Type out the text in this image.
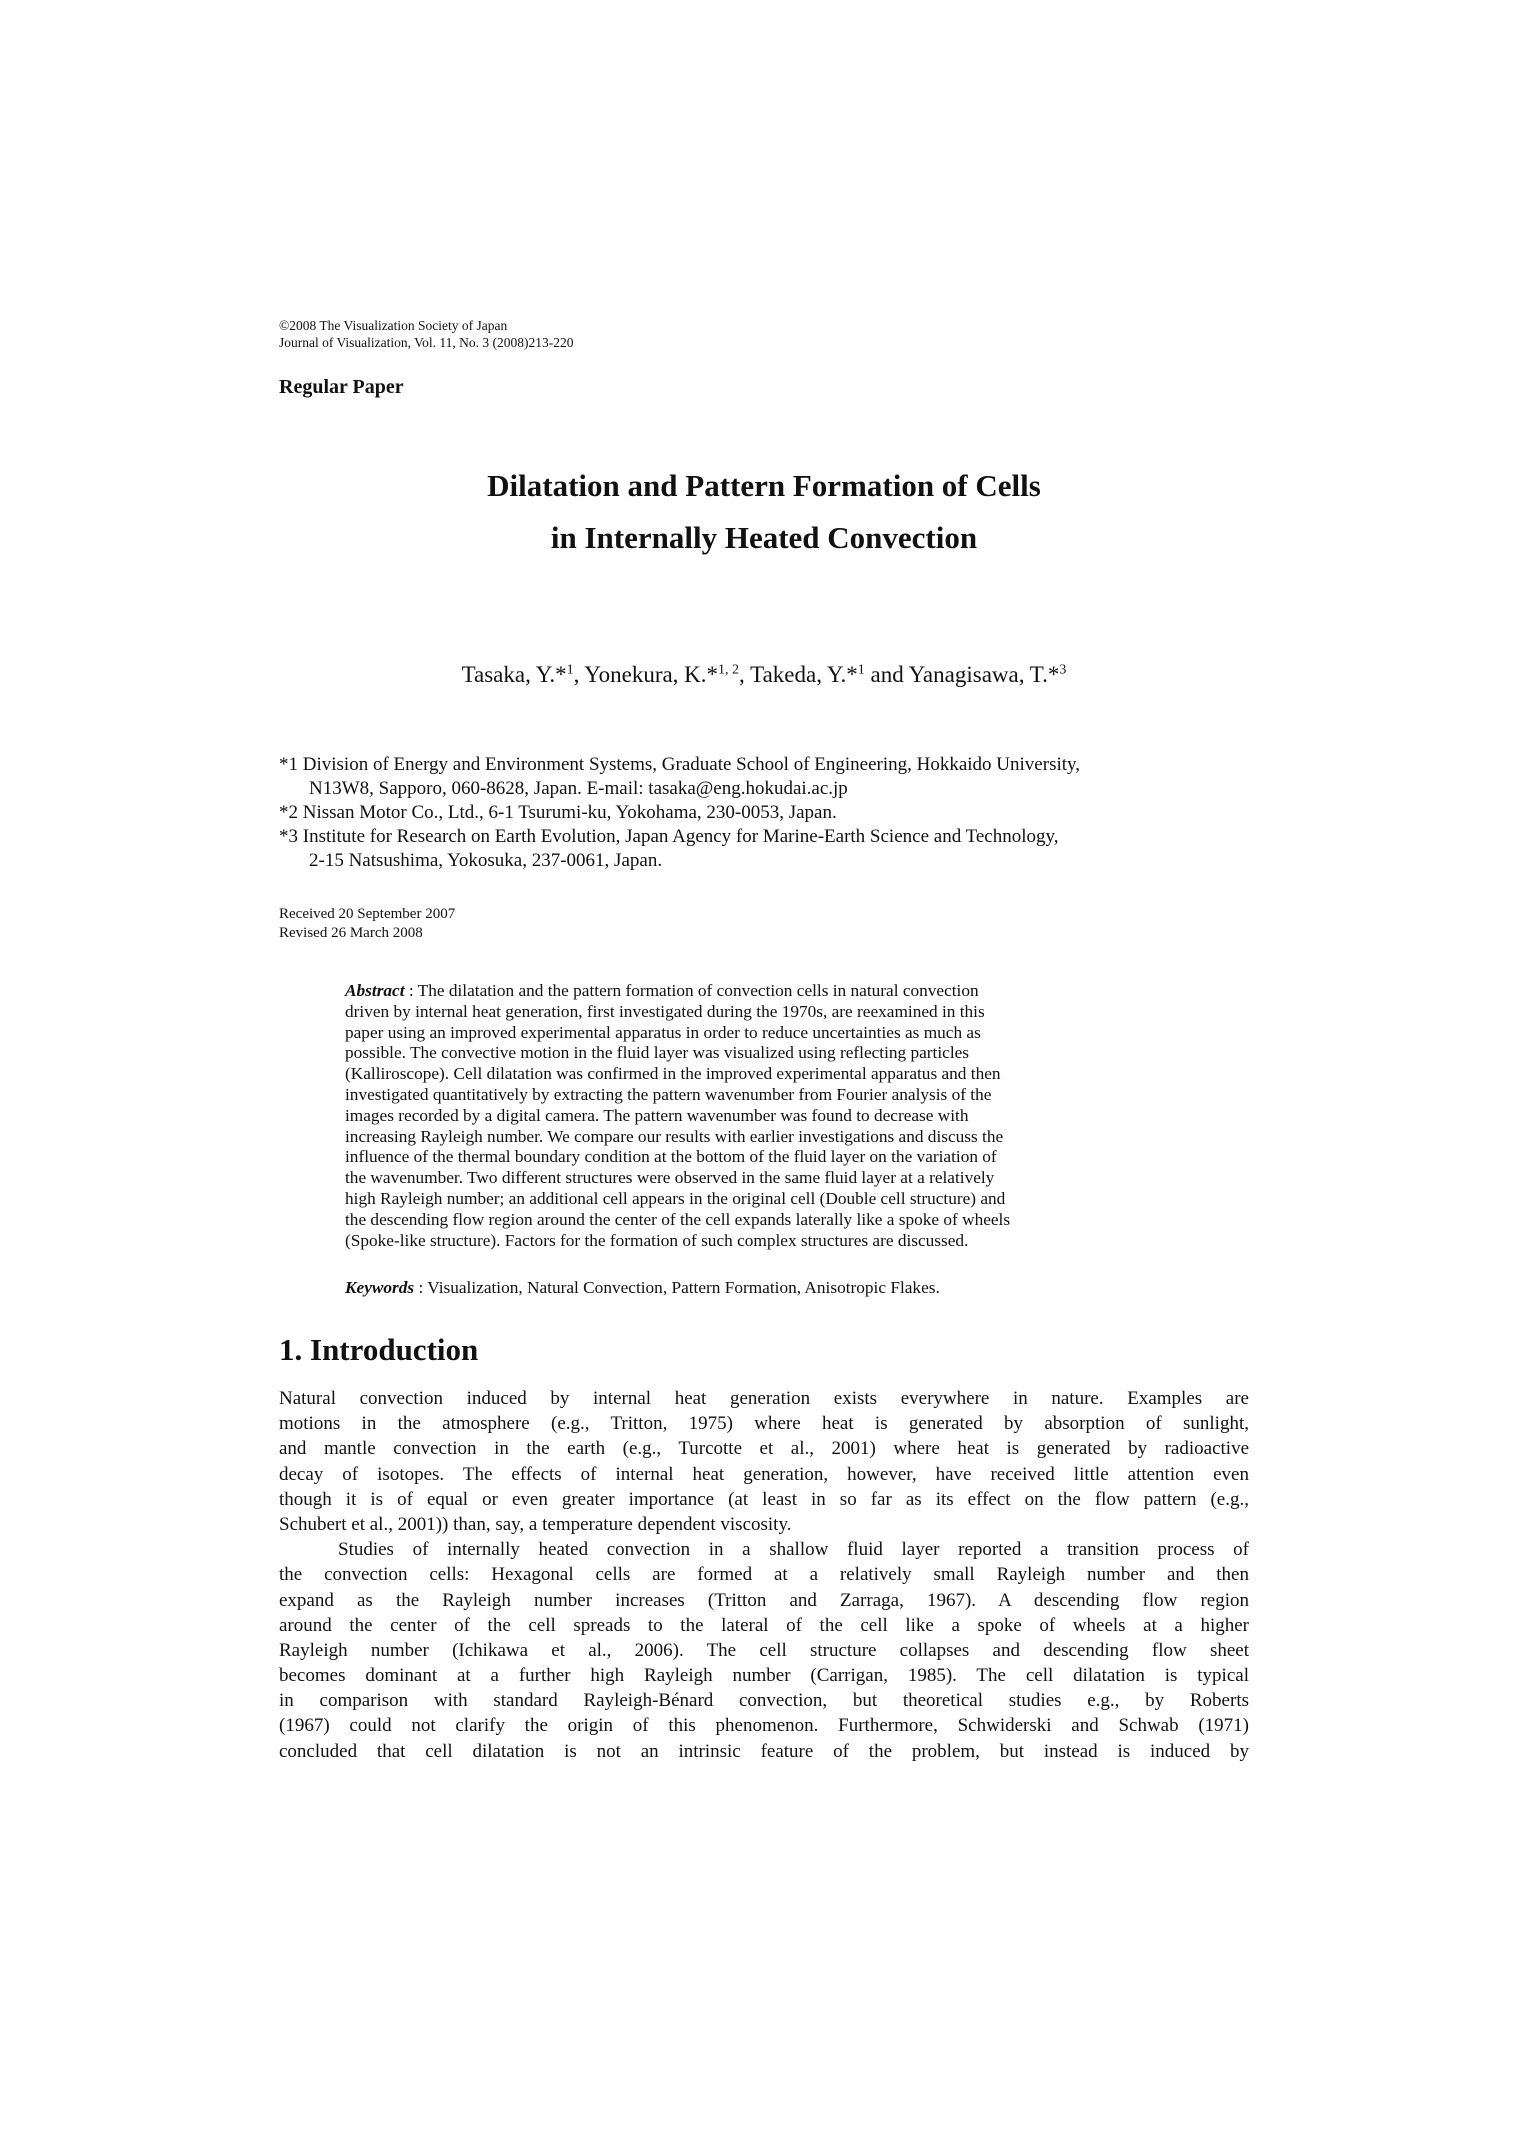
©2008 The Visualization Society of Japan
Journal of Visualization, Vol. 11, No. 3 (2008)213-220
Regular Paper
Dilatation and Pattern Formation of Cells
in Internally Heated Convection
Tasaka, Y.*$^1$, Yonekura, K.*$^{1, 2}$, Takeda, Y.*$^1$ and Yanagisawa, T.*$^3$
*1 Division of Energy and Environment Systems, Graduate School of Engineering, Hokkaido University,
N13W8, Sapporo, 060-8628, Japan. E-mail: tasaka@eng.hokudai.ac.jp
*2 Nissan Motor Co., Ltd., 6-1 Tsurumi-ku, Yokohama, 230-0053, Japan.
*3 Institute for Research on Earth Evolution, Japan Agency for Marine-Earth Science and Technology,
2-15 Natsushima, Yokosuka, 237-0061, Japan.
Received 20 September 2007
Revised 26 March 2008
Abstract : The dilatation and the pattern formation of convection cells in natural convection
driven by internal heat generation, first investigated during the 1970s, are reexamined in this
paper using an improved experimental apparatus in order to reduce uncertainties as much as
possible. The convective motion in the fluid layer was visualized using reflecting particles
(Kalliroscope). Cell dilatation was confirmed in the improved experimental apparatus and then
investigated quantitatively by extracting the pattern wavenumber from Fourier analysis of the
images recorded by a digital camera. The pattern wavenumber was found to decrease with
increasing Rayleigh number. We compare our results with earlier investigations and discuss the
influence of the thermal boundary condition at the bottom of the fluid layer on the variation of
the wavenumber. Two different structures were observed in the same fluid layer at a relatively
high Rayleigh number; an additional cell appears in the original cell (Double cell structure) and
the descending flow region around the center of the cell expands laterally like a spoke of wheels
(Spoke-like structure). Factors for the formation of such complex structures are discussed.
Keywords : Visualization, Natural Convection, Pattern Formation, Anisotropic Flakes.
1. Introduction
Natural convection induced by internal heat generation exists everywhere in nature. Examples are
motions in the atmosphere (e.g., Tritton, 1975) where heat is generated by absorption of sunlight,
and mantle convection in the earth (e.g., Turcotte et al., 2001) where heat is generated by radioactive
decay of isotopes. The effects of internal heat generation, however, have received little attention even
though it is of equal or even greater importance (at least in so far as its effect on the flow pattern (e.g.,
Schubert et al., 2001)) than, say, a temperature dependent viscosity.
Studies of internally heated convection in a shallow fluid layer reported a transition process of
the convection cells: Hexagonal cells are formed at a relatively small Rayleigh number and then
expand as the Rayleigh number increases (Tritton and Zarraga, 1967). A descending flow region
around the center of the cell spreads to the lateral of the cell like a spoke of wheels at a higher
Rayleigh number (Ichikawa et al., 2006). The cell structure collapses and descending flow sheet
becomes dominant at a further high Rayleigh number (Carrigan, 1985). The cell dilatation is typical
in comparison with standard Rayleigh-Bénard convection, but theoretical studies e.g., by Roberts
(1967) could not clarify the origin of this phenomenon. Furthermore, Schwiderski and Schwab (1971)
concluded that cell dilatation is not an intrinsic feature of the problem, but instead is induced by
